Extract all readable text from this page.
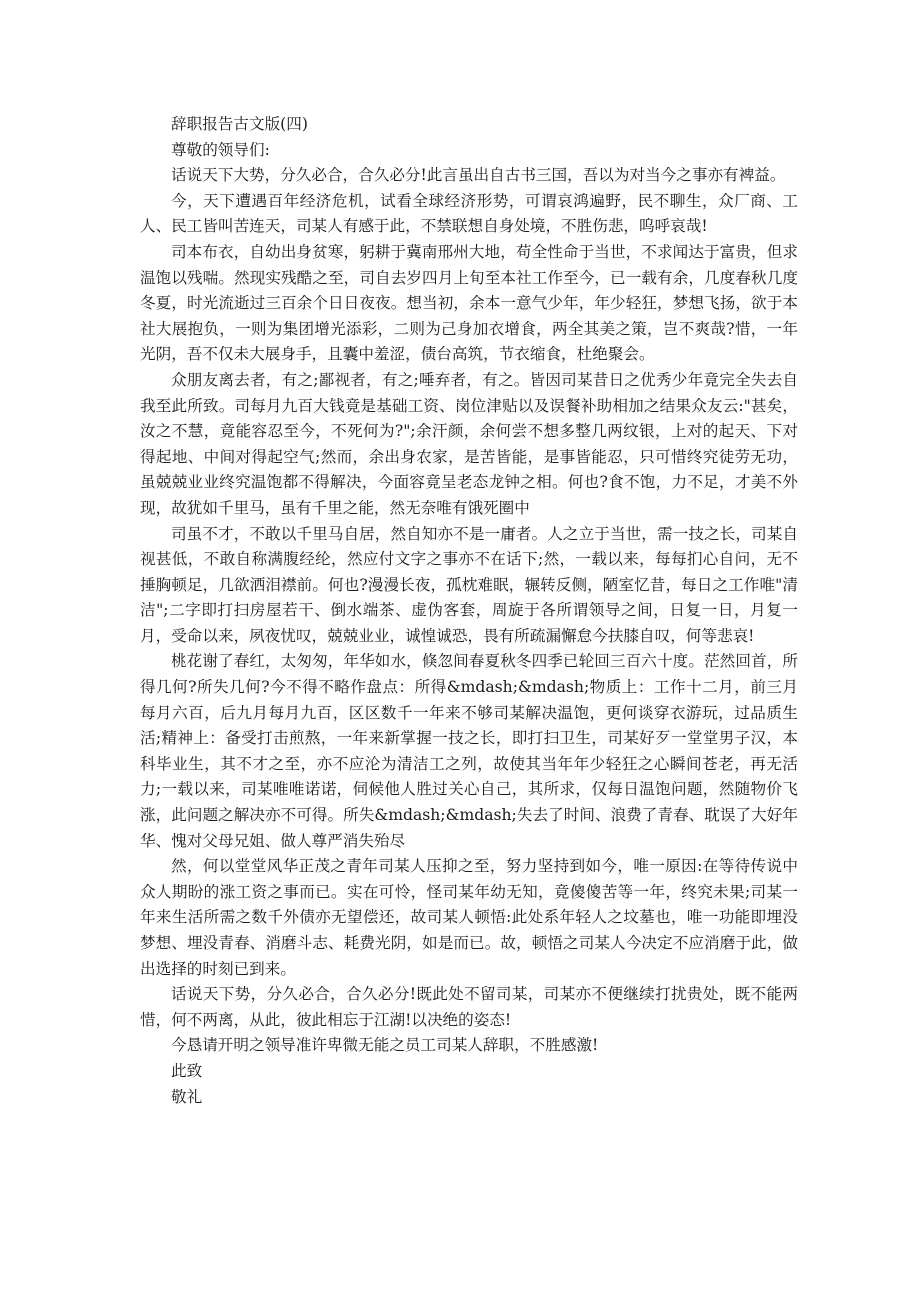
辞职报告古文版(四)

尊敬的领导们:

话说天下大势，分久必合，合久必分!此言虽出自古书三国，吾以为对当今之事亦有裨益。

今，天下遭遇百年经济危机，试看全球经济形势，可谓哀鸿遍野，民不聊生，众厂商、工人、民工皆叫苦连天，司某人有感于此，不禁联想自身处境，不胜伤悲，呜呼哀哉!

司本布衣，自幼出身贫寒，躬耕于冀南邢州大地，苟全性命于当世，不求闻达于富贵，但求温饱以残喘。然现实残酷之至，司自去岁四月上旬至本社工作至今，已一载有余，几度春秋几度冬夏，时光流逝过三百余个日日夜夜。想当初，余本一意气少年，年少轻狂，梦想飞扬，欲于本社大展抱负，一则为集团增光添彩，二则为己身加衣增食，两全其美之策，岂不爽哉?惜，一年光阴，吾不仅未大展身手，且囊中羞涩，债台高筑，节衣缩食，杜绝聚会。

众朋友离去者，有之;鄙视者，有之;唾弃者，有之。皆因司某昔日之优秀少年竟完全失去自我至此所致。司每月九百大钱竟是基础工资、岗位津贴以及误餐补助相加之结果众友云:"甚矣，汝之不慧，竟能容忍至今，不死何为?";余汗颜，余何尝不想多整几两纹银，上对的起天、下对得起地、中间对得起空气;然而，余出身农家，是苦皆能，是事皆能忍，只可惜终究徒劳无功，虽兢兢业业终究温饱都不得解决，今面容竟呈老态龙钟之相。何也?食不饱，力不足，才美不外现，故犹如千里马，虽有千里之能，然无奈唯有饿死圈中

司虽不才，不敢以千里马自居，然自知亦不是一庸者。人之立于当世，需一技之长，司某自视甚低，不敢自称满腹经纶，然应付文字之事亦不在话下;然，一载以来，每每扪心自问，无不捶胸顿足，几欲洒泪襟前。何也?漫漫长夜，孤枕难眠，辗转反侧，陋室忆昔，每日之工作唯"清洁";二字即打扫房屋若干、倒水端茶、虚伪客套，周旋于各所谓领导之间，日复一日，月复一月，受命以来，夙夜忧叹，兢兢业业，诚惶诚恐，畏有所疏漏懈怠今扶膝自叹，何等悲哀!

桃花谢了春红，太匆匆，年华如水，倏忽间春夏秋冬四季已轮回三百六十度。茫然回首，所得几何?所失几何?今不得不略作盘点：所得&mdash;&mdash;物质上：工作十二月，前三月每月六百，后九月每月九百，区区数千一年来不够司某解决温饱，更何谈穿衣游玩，过品质生活;精神上：备受打击煎熬，一年来新掌握一技之长，即打扫卫生，司某好歹一堂堂男子汉，本科毕业生，其不才之至，亦不应沦为清洁工之列，故使其当年年少轻狂之心瞬间苍老，再无活力;一载以来，司某唯唯诺诺，伺候他人胜过关心自己，其所求，仅每日温饱问题，然随物价飞涨，此问题之解决亦不可得。所失&mdash;&mdash;失去了时间、浪费了青春、耽误了大好年华、愧对父母兄姐、做人尊严消失殆尽

然，何以堂堂风华正茂之青年司某人压抑之至，努力坚持到如今，唯一原因:在等待传说中众人期盼的涨工资之事而已。实在可怜，怪司某年幼无知，竟傻傻苦等一年，终究未果;司某一年来生活所需之数千外债亦无望偿还，故司某人顿悟:此处系年轻人之坟墓也，唯一功能即埋没梦想、埋没青春、消磨斗志、耗费光阴，如是而已。故，顿悟之司某人今决定不应消磨于此，做出选择的时刻已到来。

话说天下势，分久必合，合久必分!既此处不留司某，司某亦不便继续打扰贵处，既不能两惜，何不两离，从此，彼此相忘于江湖!以决绝的姿态!

今恳请开明之领导准许卑微无能之员工司某人辞职，不胜感激!

此致

敬礼
